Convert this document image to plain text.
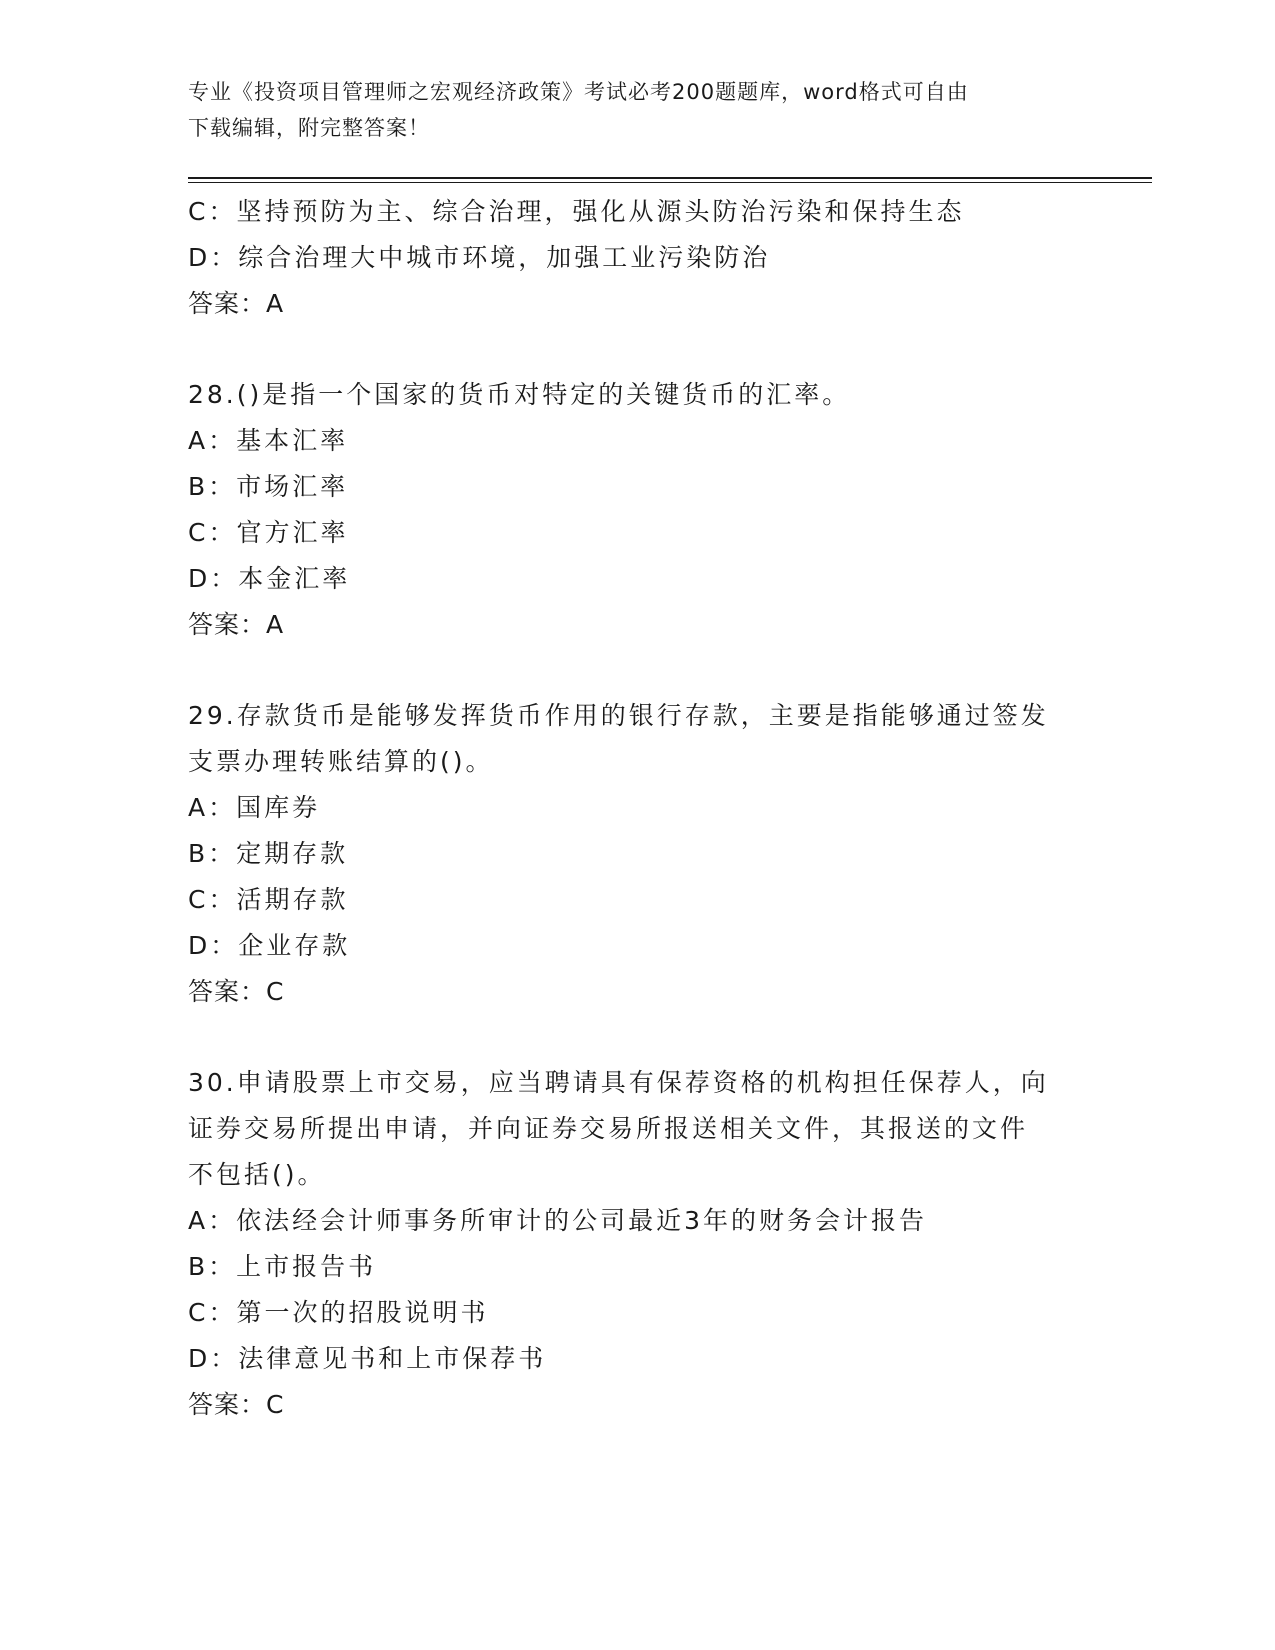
专业《投资项目管理师之宏观经济政策》考试必考200题题库，word格式可自由
下载编辑，附完整答案！
C：坚持预防为主、综合治理，强化从源头防治污染和保持生态
D：综合治理大中城市环境，加强工业污染防治
答案：A
28.()是指一个国家的货币对特定的关键货币的汇率。
A：基本汇率
B：市场汇率
C：官方汇率
D：本金汇率
答案：A
29.存款货币是能够发挥货币作用的银行存款，主要是指能够通过签发
支票办理转账结算的()。
A：国库券
B：定期存款
C：活期存款
D：企业存款
答案：C
30.申请股票上市交易，应当聘请具有保荐资格的机构担任保荐人，向
证券交易所提出申请，并向证券交易所报送相关文件，其报送的文件
不包括()。
A：依法经会计师事务所审计的公司最近3年的财务会计报告
B：上市报告书
C：第一次的招股说明书
D：法律意见书和上市保荐书
答案：C
